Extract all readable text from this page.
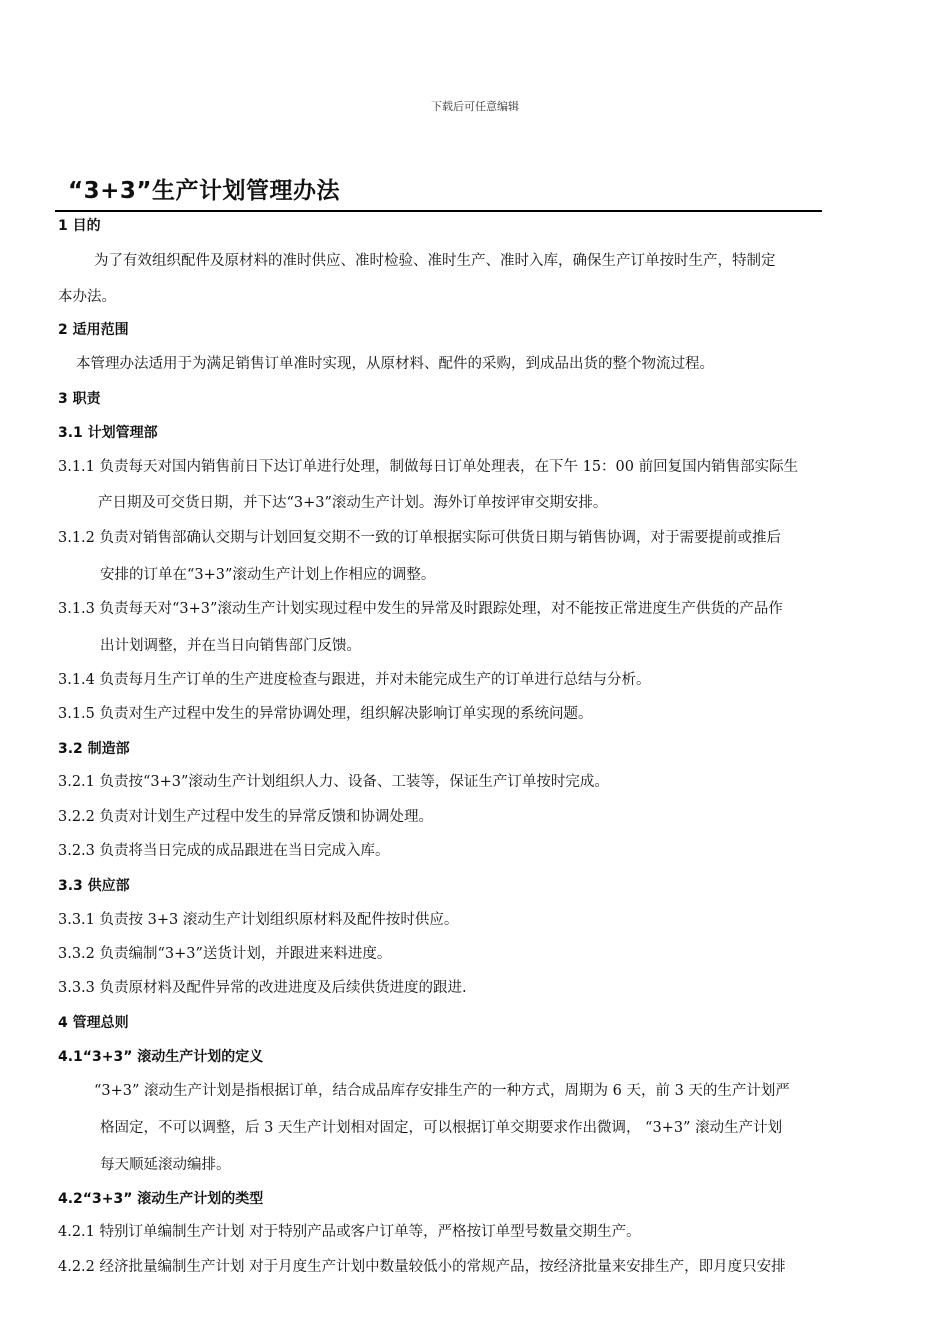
下载后可任意编辑
“3+3”生产计划管理办法
1 目的
为了有效组织配件及原材料的准时供应、准时检验、准时生产、准时入库，确保生产订单按时生产，特制定
本办法。
2 适用范围
本管理办法适用于为满足销售订单准时实现，从原材料、配件的采购，到成品出货的整个物流过程。
3 职责
3.1 计划管理部
3.1.1 负责每天对国内销售前日下达订单进行处理，制做每日订单处理表，在下午 15：00 前回复国内销售部实际生
产日期及可交货日期，并下达“3+3”滚动生产计划。海外订单按评审交期安排。
3.1.2 负责对销售部确认交期与计划回复交期不一致的订单根据实际可供货日期与销售协调，对于需要提前或推后
安排的订单在“3+3”滚动生产计划上作相应的调整。
3.1.3 负责每天对“3+3”滚动生产计划实现过程中发生的异常及时跟踪处理，对不能按正常进度生产供货的产品作
出计划调整，并在当日向销售部门反馈。
3.1.4 负责每月生产订单的生产进度检查与跟进，并对未能完成生产的订单进行总结与分析。
3.1.5 负责对生产过程中发生的异常协调处理，组织解决影响订单实现的系统问题。
3.2 制造部
3.2.1 负责按“3+3”滚动生产计划组织人力、设备、工装等，保证生产订单按时完成。
3.2.2 负责对计划生产过程中发生的异常反馈和协调处理。
3.2.3 负责将当日完成的成品跟进在当日完成入库。
3.3 供应部
3.3.1 负责按 3+3 滚动生产计划组织原材料及配件按时供应。
3.3.2 负责编制“3+3”送货计划，并跟进来料进度。
3.3.3 负责原材料及配件异常的改进进度及后续供货进度的跟进.
4 管理总则
4.1“3+3” 滚动生产计划的定义
“3+3” 滚动生产计划是指根据订单，结合成品库存安排生产的一种方式，周期为 6 天，前 3 天的生产计划严
格固定，不可以调整，后 3 天生产计划相对固定，可以根据订单交期要求作出微调， “3+3” 滚动生产计划
每天顺延滚动编排。
4.2“3+3” 滚动生产计划的类型
4.2.1 特别订单编制生产计划 对于特别产品或客户订单等，严格按订单型号数量交期生产。
4.2.2 经济批量编制生产计划 对于月度生产计划中数量较低小的常规产品，按经济批量来安排生产，即月度只安排
